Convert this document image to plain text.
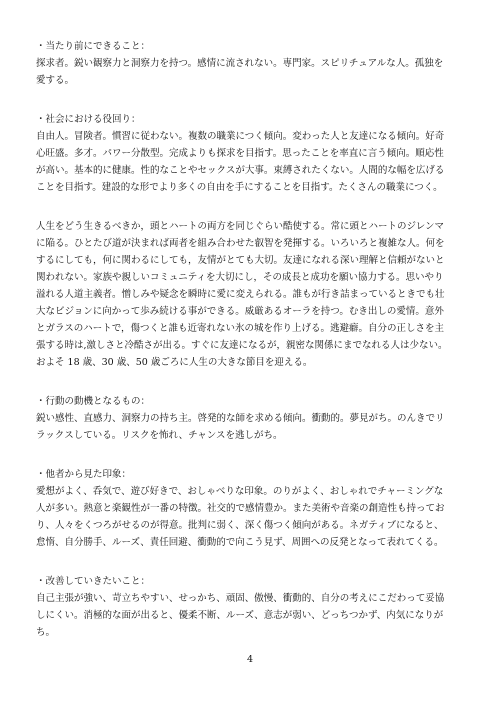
・当たり前にできること：

探求者。鋭い観察力と洞察力を持つ。感情に流されない。専門家。スピリチュアルな人。孤独を

愛する。

・社会における役回り：

自由人。冒険者。慣習に従わない。複数の職業につく傾向。変わった人と友達になる傾向。好奇

心旺盛。多才。パワー分散型。完成よりも探求を目指す。思ったことを率直に言う傾向。順応性

が高い。基本的に健康。性的なことやセックスが大事。束縛されたくない。人間的な幅を広げる

ことを目指す。建設的な形でより多くの自由を手にすることを目指す。たくさんの職業につく。

人生をどう生きるべきか，頭とハートの両方を同じぐらい酷使する。常に頭とハートのジレンマ

に陥る。ひとたび道が決まれば両者を組み合わせた叡智を発揮する。いろいろと複雑な人。何を

するにしても，何に関わるにしても，友情がとても大切。友達になれる深い理解と信頼がないと

関われない。家族や親しいコミュニティを大切にし，その成長と成功を願い協力する。思いやり

溢れる人道主義者。憎しみや疑念を瞬時に愛に変えられる。誰もが行き詰まっているときでも壮

大なビジョンに向かって歩み続ける事ができる。威厳あるオーラを持つ。むき出しの愛情。意外

とガラスのハートで，傷つくと誰も近寄れない氷の城を作り上げる。逃避癖。自分の正しさを主

張する時は,激しさと冷酷さが出る。すぐに友達になるが，親密な関係にまでなれる人は少ない。

およそ 18 歳、30 歳、50 歳ごろに人生の大きな節目を迎える。

・行動の動機となるもの：

鋭い感性、直感力、洞察力の持ち主。啓発的な師を求める傾向。衝動的。夢見がち。のんきでリ

ラックスしている。リスクを怖れ、チャンスを逃しがち。

・他者から見た印象：

愛想がよく、呑気で、遊び好きで、おしゃべりな印象。のりがよく、おしゃれでチャーミングな

人が多い。熱意と楽観性が一番の特徴。社交的で感情豊か。また美術や音楽の創造性も持ってお

り、人々をくつろがせるのが得意。批判に弱く、深く傷つく傾向がある。ネガティブになると、

怠惰、自分勝手、ルーズ、責任回避、衝動的で向こう見ず、周囲への反発となって表れてくる。

・改善していきたいこと：

自己主張が強い、苛立ちやすい、せっかち、頑固、傲慢、衝動的、自分の考えにこだわって妥協

しにくい。消極的な面が出ると、優柔不断、ルーズ、意志が弱い、どっちつかず、内気になりが

ち。

4
